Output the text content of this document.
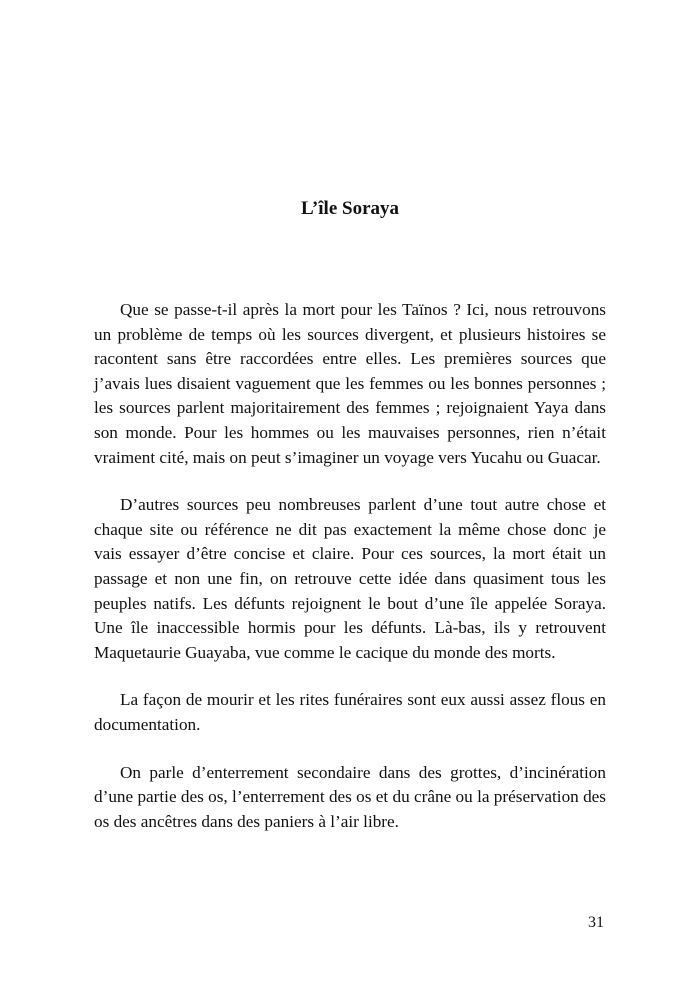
L’île Soraya

Que se passe-t-il après la mort pour les Taïnos ? Ici, nous retrouvons un problème de temps où les sources divergent, et plusieurs histoires se racontent sans être raccordées entre elles. Les premières sources que j’avais lues disaient vaguement que les femmes ou les bonnes personnes ; les sources parlent majoritairement des femmes ; rejoignaient Yaya dans son monde. Pour les hommes ou les mauvaises personnes, rien n’était vraiment cité, mais on peut s’imaginer un voyage vers Yucahu ou Guacar.

D’autres sources peu nombreuses parlent d’une tout autre chose et chaque site ou référence ne dit pas exactement la même chose donc je vais essayer d’être concise et claire. Pour ces sources, la mort était un passage et non une fin, on retrouve cette idée dans quasiment tous les peuples natifs. Les défunts rejoignent le bout d’une île appelée Soraya. Une île inaccessible hormis pour les défunts. Là-bas, ils y retrouvent Maquetaurie Guayaba, vue comme le cacique du monde des morts.

La façon de mourir et les rites funéraires sont eux aussi assez flous en documentation.

On parle d’enterrement secondaire dans des grottes, d’incinération d’une partie des os, l’enterrement des os et du crâne ou la préservation des os des ancêtres dans des paniers à l’air libre.

31
